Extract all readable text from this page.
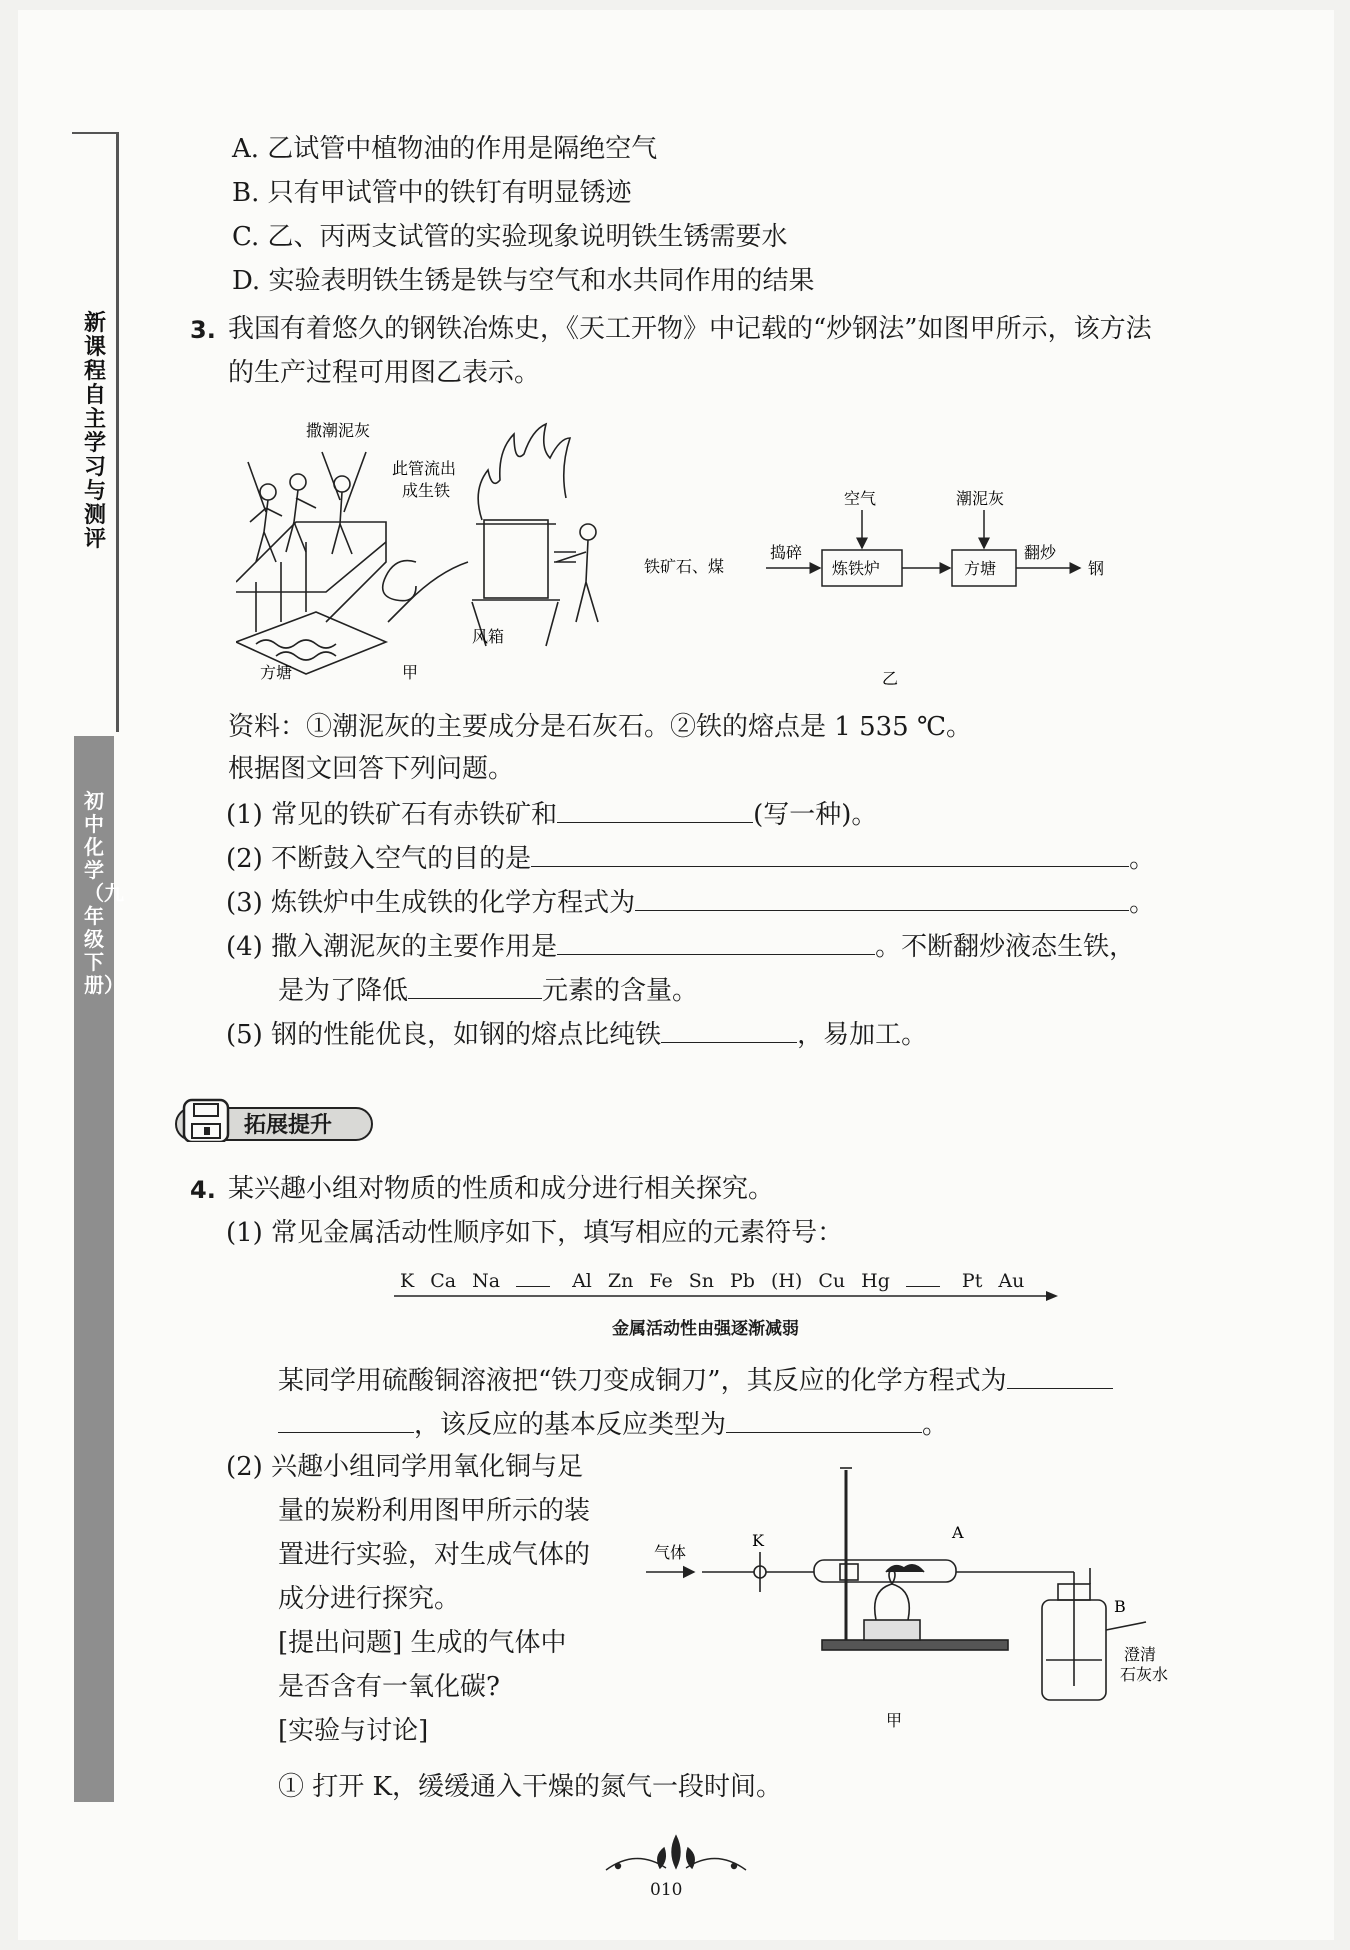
新课程自主学习与测评
初中化学（九年级下册）
A. 乙试管中植物油的作用是隔绝空气
B. 只有甲试管中的铁钉有明显锈迹
C. 乙、丙两支试管的实验现象说明铁生锈需要水
D. 实验表明铁生锈是铁与空气和水共同作用的结果
3. 我国有着悠久的钢铁冶炼史，《天工开物》中记载的“炒钢法”如图甲所示，该方法
的生产过程可用图乙表示。
撒潮泥灰
此管流出
成生铁
风箱
方塘	甲
铁矿石、煤
捣碎
炼铁炉
空气
方塘
潮泥灰
翻炒
钢
乙
资料：①潮泥灰的主要成分是石灰石。②铁的熔点是 1 535 ℃。
根据图文回答下列问题。
(1) 常见的铁矿石有赤铁矿和	(写一种)。
(2) 不断鼓入空气的目的是	。
(3) 炼铁炉中生成铁的化学方程式为	。
(4) 撒入潮泥灰的主要作用是	。不断翻炒液态生铁，
是为了降低	元素的含量。
(5) 钢的性能优良，如钢的熔点比纯铁	，易加工。
拓展提升
4. 某兴趣小组对物质的性质和成分进行相关探究。
(1) 常见金属活动性顺序如下，填写相应的元素符号：
K Ca Na	Al Zn Fe Sn Pb (H) Cu Hg	Pt Au
金属活动性由强逐渐减弱
某同学用硫酸铜溶液把“铁刀变成铜刀”，其反应的化学方程式为
，该反应的基本反应类型为	。
(2) 兴趣小组同学用氧化铜与足
量的炭粉利用图甲所示的装
置进行实验，对生成气体的
成分进行探究。
[提出问题] 生成的气体中
是否含有一氧化碳?
[实验与讨论]
① 打开 K，缓缓通入干燥的氮气一段时间。
气体
K	A
B
澄清
石灰水
甲
010
